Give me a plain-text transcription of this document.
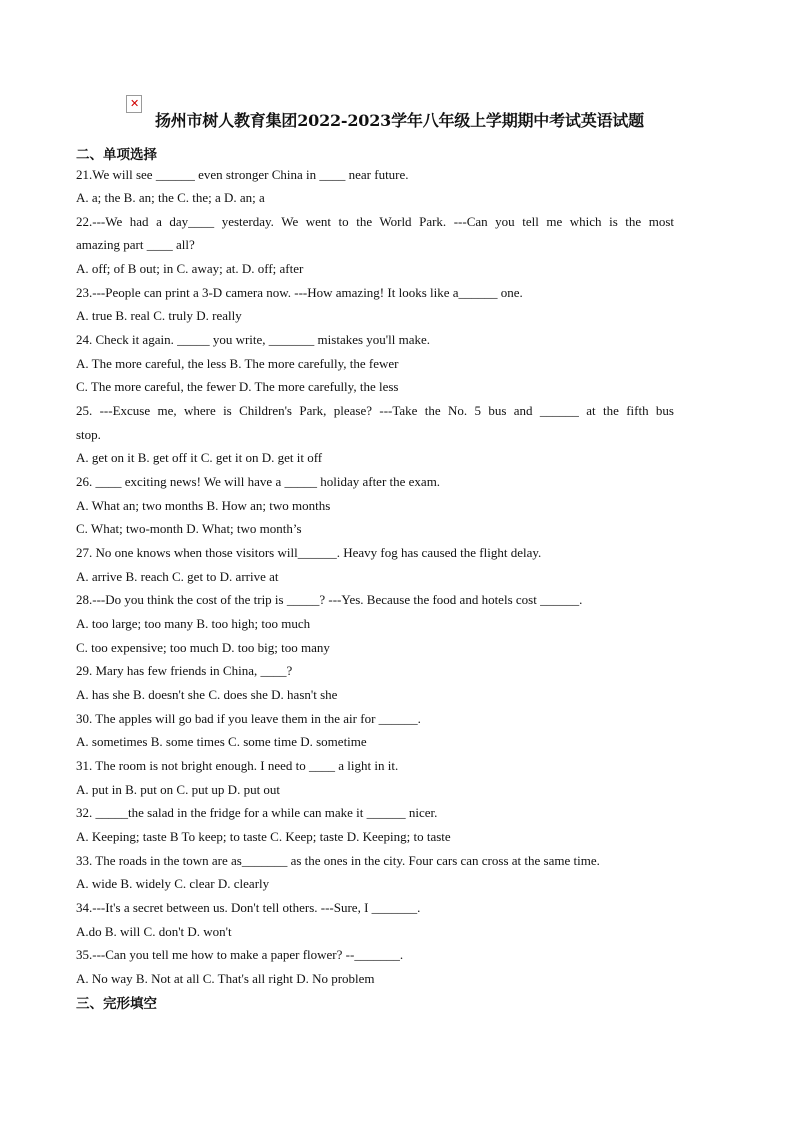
✕
扬州市树人教育集团2022-2023学年八年级上学期期中考试英语试题
二、单项选择
21.We will see ______ even stronger China in ____ near future.
A. a; the B. an; the C. the; a D. an; a
22.---We had a day____ yesterday. We went to the World Park. ---Can you tell me which is the most
amazing part ____ all?
A. off; of B out; in C. away; at. D. off; after
23.---People can print a 3-D camera now. ---How amazing! It looks like a______ one.
A. true B. real C. truly D. really
24. Check it again. _____ you write, _______ mistakes you'll make.
A. The more careful, the less B. The more carefully, the fewer
C. The more careful, the fewer D. The more carefully, the less
25. ---Excuse me, where is Children's Park, please? ---Take the No. 5 bus and ______ at the fifth bus
stop.
A. get on it B. get off it C. get it on D. get it off
26. ____ exciting news! We will have a _____ holiday after the exam.
A. What an; two months B. How an; two months
C. What; two-month D. What; two month’s
27. No one knows when those visitors will______. Heavy fog has caused the flight delay.
A. arrive B. reach C. get to D. arrive at
28.---Do you think the cost of the trip is _____? ---Yes. Because the food and hotels cost ______.
A. too large; too many B. too high; too much
C. too expensive; too much D. too big; too many
29. Mary has few friends in China, ____?
A. has she B. doesn't she C. does she D. hasn't she
30. The apples will go bad if you leave them in the air for ______.
A. sometimes B. some times C. some time D. sometime
31. The room is not bright enough. I need to ____ a light in it.
A. put in B. put on C. put up D. put out
32. _____the salad in the fridge for a while can make it ______ nicer.
A. Keeping; taste B To keep; to taste C. Keep; taste D. Keeping; to taste
33. The roads in the town are as_______ as the ones in the city. Four cars can cross at the same time.
A. wide B. widely C. clear D. clearly
34.---It's a secret between us. Don't tell others. ---Sure, I _______.
A.do B. will C. don't D. won't
35.---Can you tell me how to make a paper flower? --_______.
A. No way B. Not at all C. That's all right D. No problem
三、完形填空
